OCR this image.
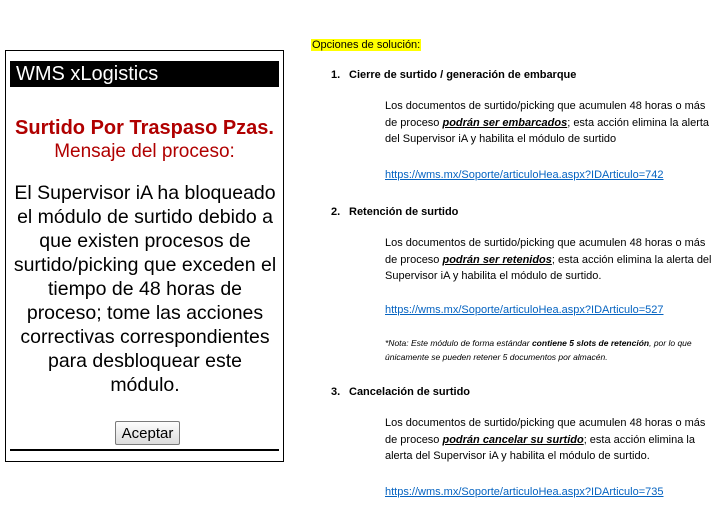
WMS xLogistics
Surtido Por Traspaso Pzas.
Mensaje del proceso:
El Supervisor iA ha bloqueado
el módulo de surtido debido a
que existen procesos de
surtido/picking que exceden el
tiempo de 48 horas de
proceso; tome las acciones
correctivas correspondientes
para desbloquear este
módulo.
Aceptar
Opciones de solución:
1. Cierre de surtido / generación de embarque
Los documentos de surtido/picking que acumulen 48 horas o más de proceso podrán ser embarcados; esta acción elimina la alerta del Supervisor iA y habilita el módulo de surtido
https://wms.mx/Soporte/articuloHea.aspx?IDArticulo=742
2. Retención de surtido
Los documentos de surtido/picking que acumulen 48 horas o más de proceso podrán ser retenidos; esta acción elimina la alerta del Supervisor iA y habilita el módulo de surtido.
https://wms.mx/Soporte/articuloHea.aspx?IDArticulo=527
*Nota: Este módulo de forma estándar contiene 5 slots de retención, por lo que únicamente se pueden retener 5 documentos por almacén.
3. Cancelación de surtido
Los documentos de surtido/picking que acumulen 48 horas o más de proceso podrán cancelar su surtido; esta acción elimina la alerta del Supervisor iA y habilita el módulo de surtido.
https://wms.mx/Soporte/articuloHea.aspx?IDArticulo=735
